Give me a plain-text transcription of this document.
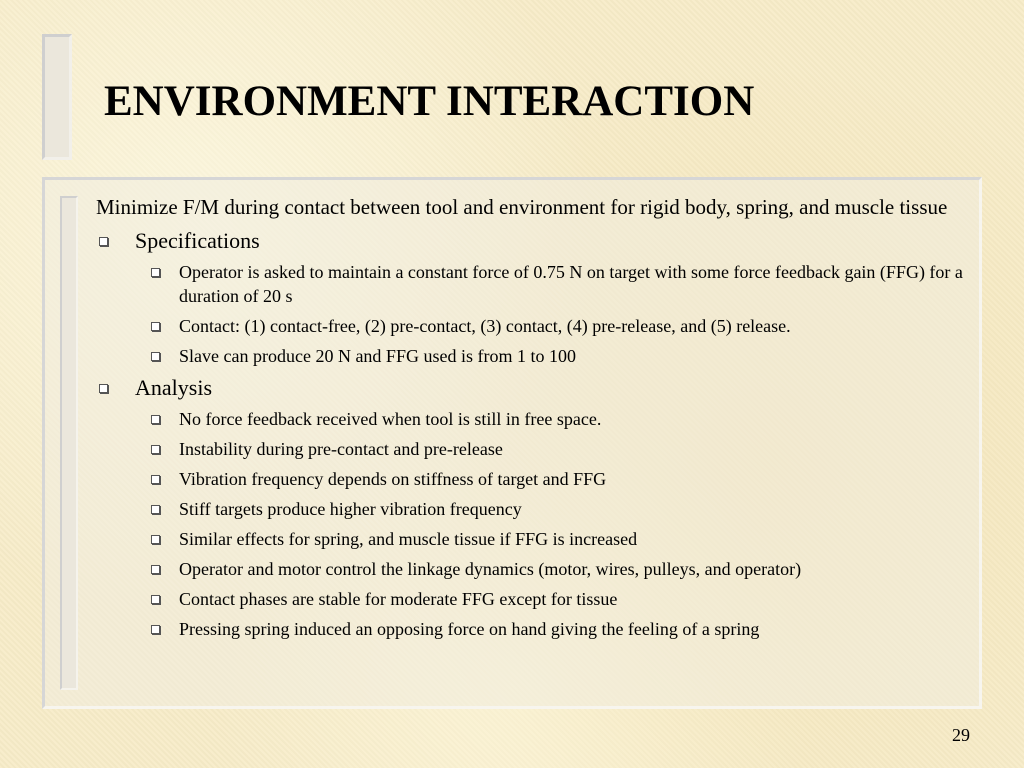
ENVIRONMENT INTERACTION

Minimize F/M during contact between tool and environment for rigid body, spring, and muscle tissue

Specifications
Operator is asked to maintain a constant force of 0.75 N on target with some force feedback gain (FFG) for a duration of 20 s
Contact: (1) contact-free, (2) pre-contact, (3) contact, (4) pre-release, and (5) release.
Slave can produce 20 N and FFG used is from 1 to 100
Analysis
No force feedback received when tool is still in free space.
Instability during pre-contact and pre-release
Vibration frequency depends on stiffness of target and FFG
Stiff targets produce higher vibration frequency
Similar effects for spring, and muscle tissue if FFG is increased
Operator and motor control the linkage dynamics (motor, wires, pulleys, and operator)
Contact phases are stable for moderate FFG except for tissue
Pressing spring induced an opposing force on hand giving the feeling of a spring
29
